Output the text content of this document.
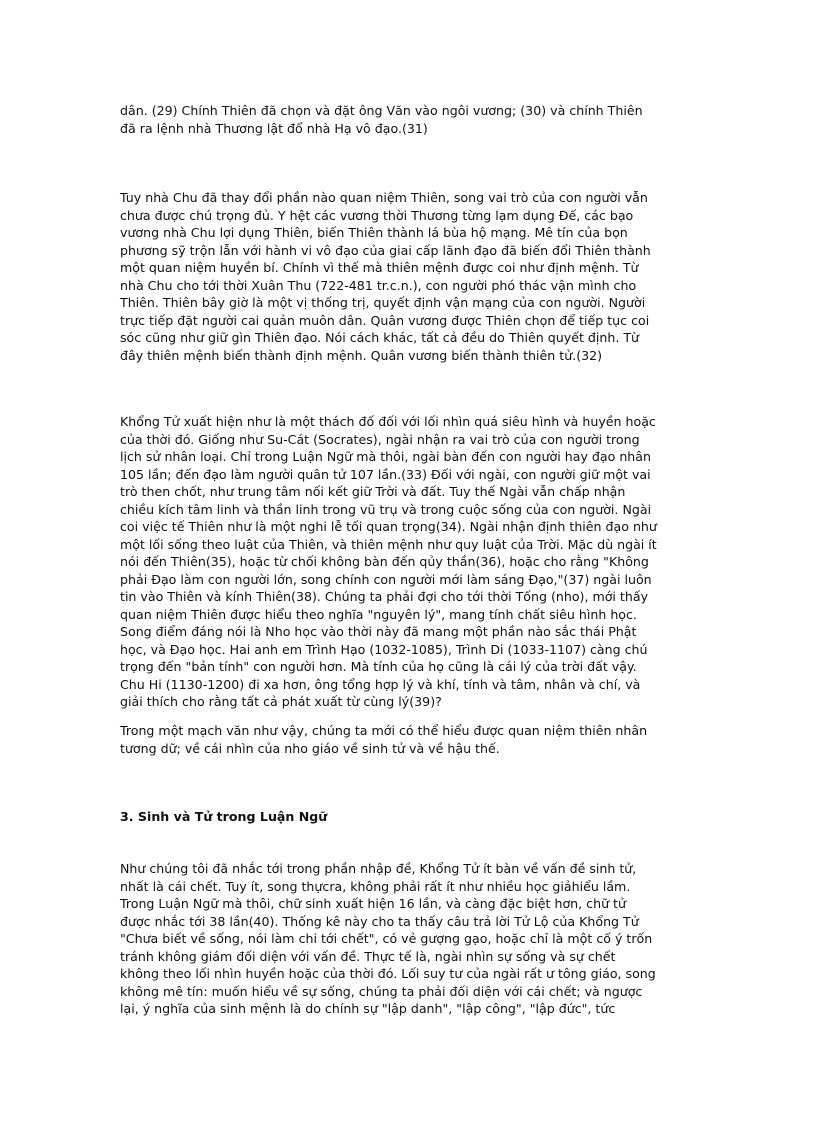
dân. (29) Chính Thiên đã chọn và đặt ông Văn vào ngôi vương; (30) và chính Thiên
đã ra lệnh nhà Thương lật đổ nhà Hạ vô đạo.(31)

Tuy nhà Chu đã thay đổi phần nào quan niệm Thiên, song vai trò của con người vẫn
chưa được chú trọng đủ. Y hệt các vương thời Thương từng lạm dụng Đế, các bạo
vương nhà Chu lợi dụng Thiên, biến Thiên thành lá bùa hộ mạng. Mê tín của bọn
phương sỹ trộn lẫn với hành vi vô đạo của giai cấp lãnh đạo đã biến đổi Thiên thành
một quan niệm huyền bí. Chính vì thế mà thiên mệnh được coi như định mệnh. Từ
nhà Chu cho tới thời Xuân Thu (722-481 tr.c.n.), con người phó thác vận mình cho
Thiên. Thiên bây giờ là một vị thống trị, quyết định vận mạng của con người. Người
trực tiếp đặt người cai quản muôn dân. Quân vương được Thiên chọn để tiếp tục coi
sóc cũng như giữ gìn Thiên đạo. Nói cách khác, tất cả đều do Thiên quyết định. Từ
đây thiên mệnh biến thành định mệnh. Quân vương biến thành thiên tử.(32)

Khổng Tử xuất hiện như là một thách đố đối với lối nhìn quá siêu hình và huyền hoặc
của thời đó. Giống như Su-Cát (Socrates), ngài nhận ra vai trò của con người trong
lịch sử nhân loại. Chỉ trong Luận Ngữ mà thôi, ngài bàn đến con người hay đạo nhân
105 lần; đến đạo làm người quân tử 107 lần.(33) Đối với ngài, con người giữ một vai
trò then chốt, như trung tâm nối kết giữ Trời và đất. Tuy thế Ngài vẫn chấp nhận
chiều kích tâm linh và thần linh trong vũ trụ và trong cuộc sống của con người. Ngài
coi việc tế Thiên như là một nghi lễ tối quan trọng(34). Ngài nhận định thiên đạo như
một lối sống theo luật của Thiên, và thiên mệnh như quy luật của Trời. Mặc dù ngài ít
nói đến Thiên(35), hoặc từ chối không bàn đến qủy thần(36), hoặc cho rằng "Không
phải Đạo làm con người lớn, song chính con người mới làm sáng Đạo,"(37) ngài luôn
tin vào Thiên và kính Thiên(38). Chúng ta phải đợi cho tới thời Tống (nho), mới thấy
quan niệm Thiên được hiểu theo nghĩa "nguyên lý", mang tính chất siêu hình học.
Song điểm đáng nói là Nho học vào thời này đã mang một phần nào sắc thái Phật
học, và Đạo học. Hai anh em Trình Hạo (1032-1085), Trình Di (1033-1107) càng chú
trọng đến "bản tính" con người hơn. Mà tính của họ cũng là cái lý của trời đất vậy.
Chu Hi (1130-1200) đi xa hơn, ông tổng hợp lý và khí, tính và tâm, nhân và chí, và
giải thích cho rằng tất cả phát xuất từ cùng lý(39)?

Trong một mạch văn như vậy, chúng ta mới có thể hiểu được quan niệm thiên nhân
tương dữ; về cái nhìn của nho giáo về sinh tử và về hậu thế.

3. Sinh và Tử trong Luận Ngữ

Như chúng tôi đã nhắc tới trong phần nhập đề, Khổng Tử ít bàn về vấn đề sinh tử,
nhất là cái chết. Tuy ít, song thựcra, không phải rất ít như nhiều học giảhiểu lầm.
Trong Luận Ngữ mà thôi, chữ sinh xuất hiện 16 lần, và càng đặc biệt hơn, chữ tử
được nhắc tới 38 lần(40). Thống kê này cho ta thấy câu trả lời Tử Lộ của Khổng Tử
"Chưa biết về sống, nói làm chi tới chết", có vẻ gượng gạo, hoặc chỉ là một cố ý trốn
tránh không giám đối diện với vấn đề. Thực tế là, ngài nhìn sự sống và sự chết
không theo lối nhìn huyền hoặc của thời đó. Lối suy tư của ngài rất ư tông giáo, song
không mê tín: muốn hiểu về sự sống, chúng ta phải đối diện với cái chết; và ngược
lại, ý nghĩa của sinh mệnh là do chính sự "lập danh", "lập công", "lập đức", tức
